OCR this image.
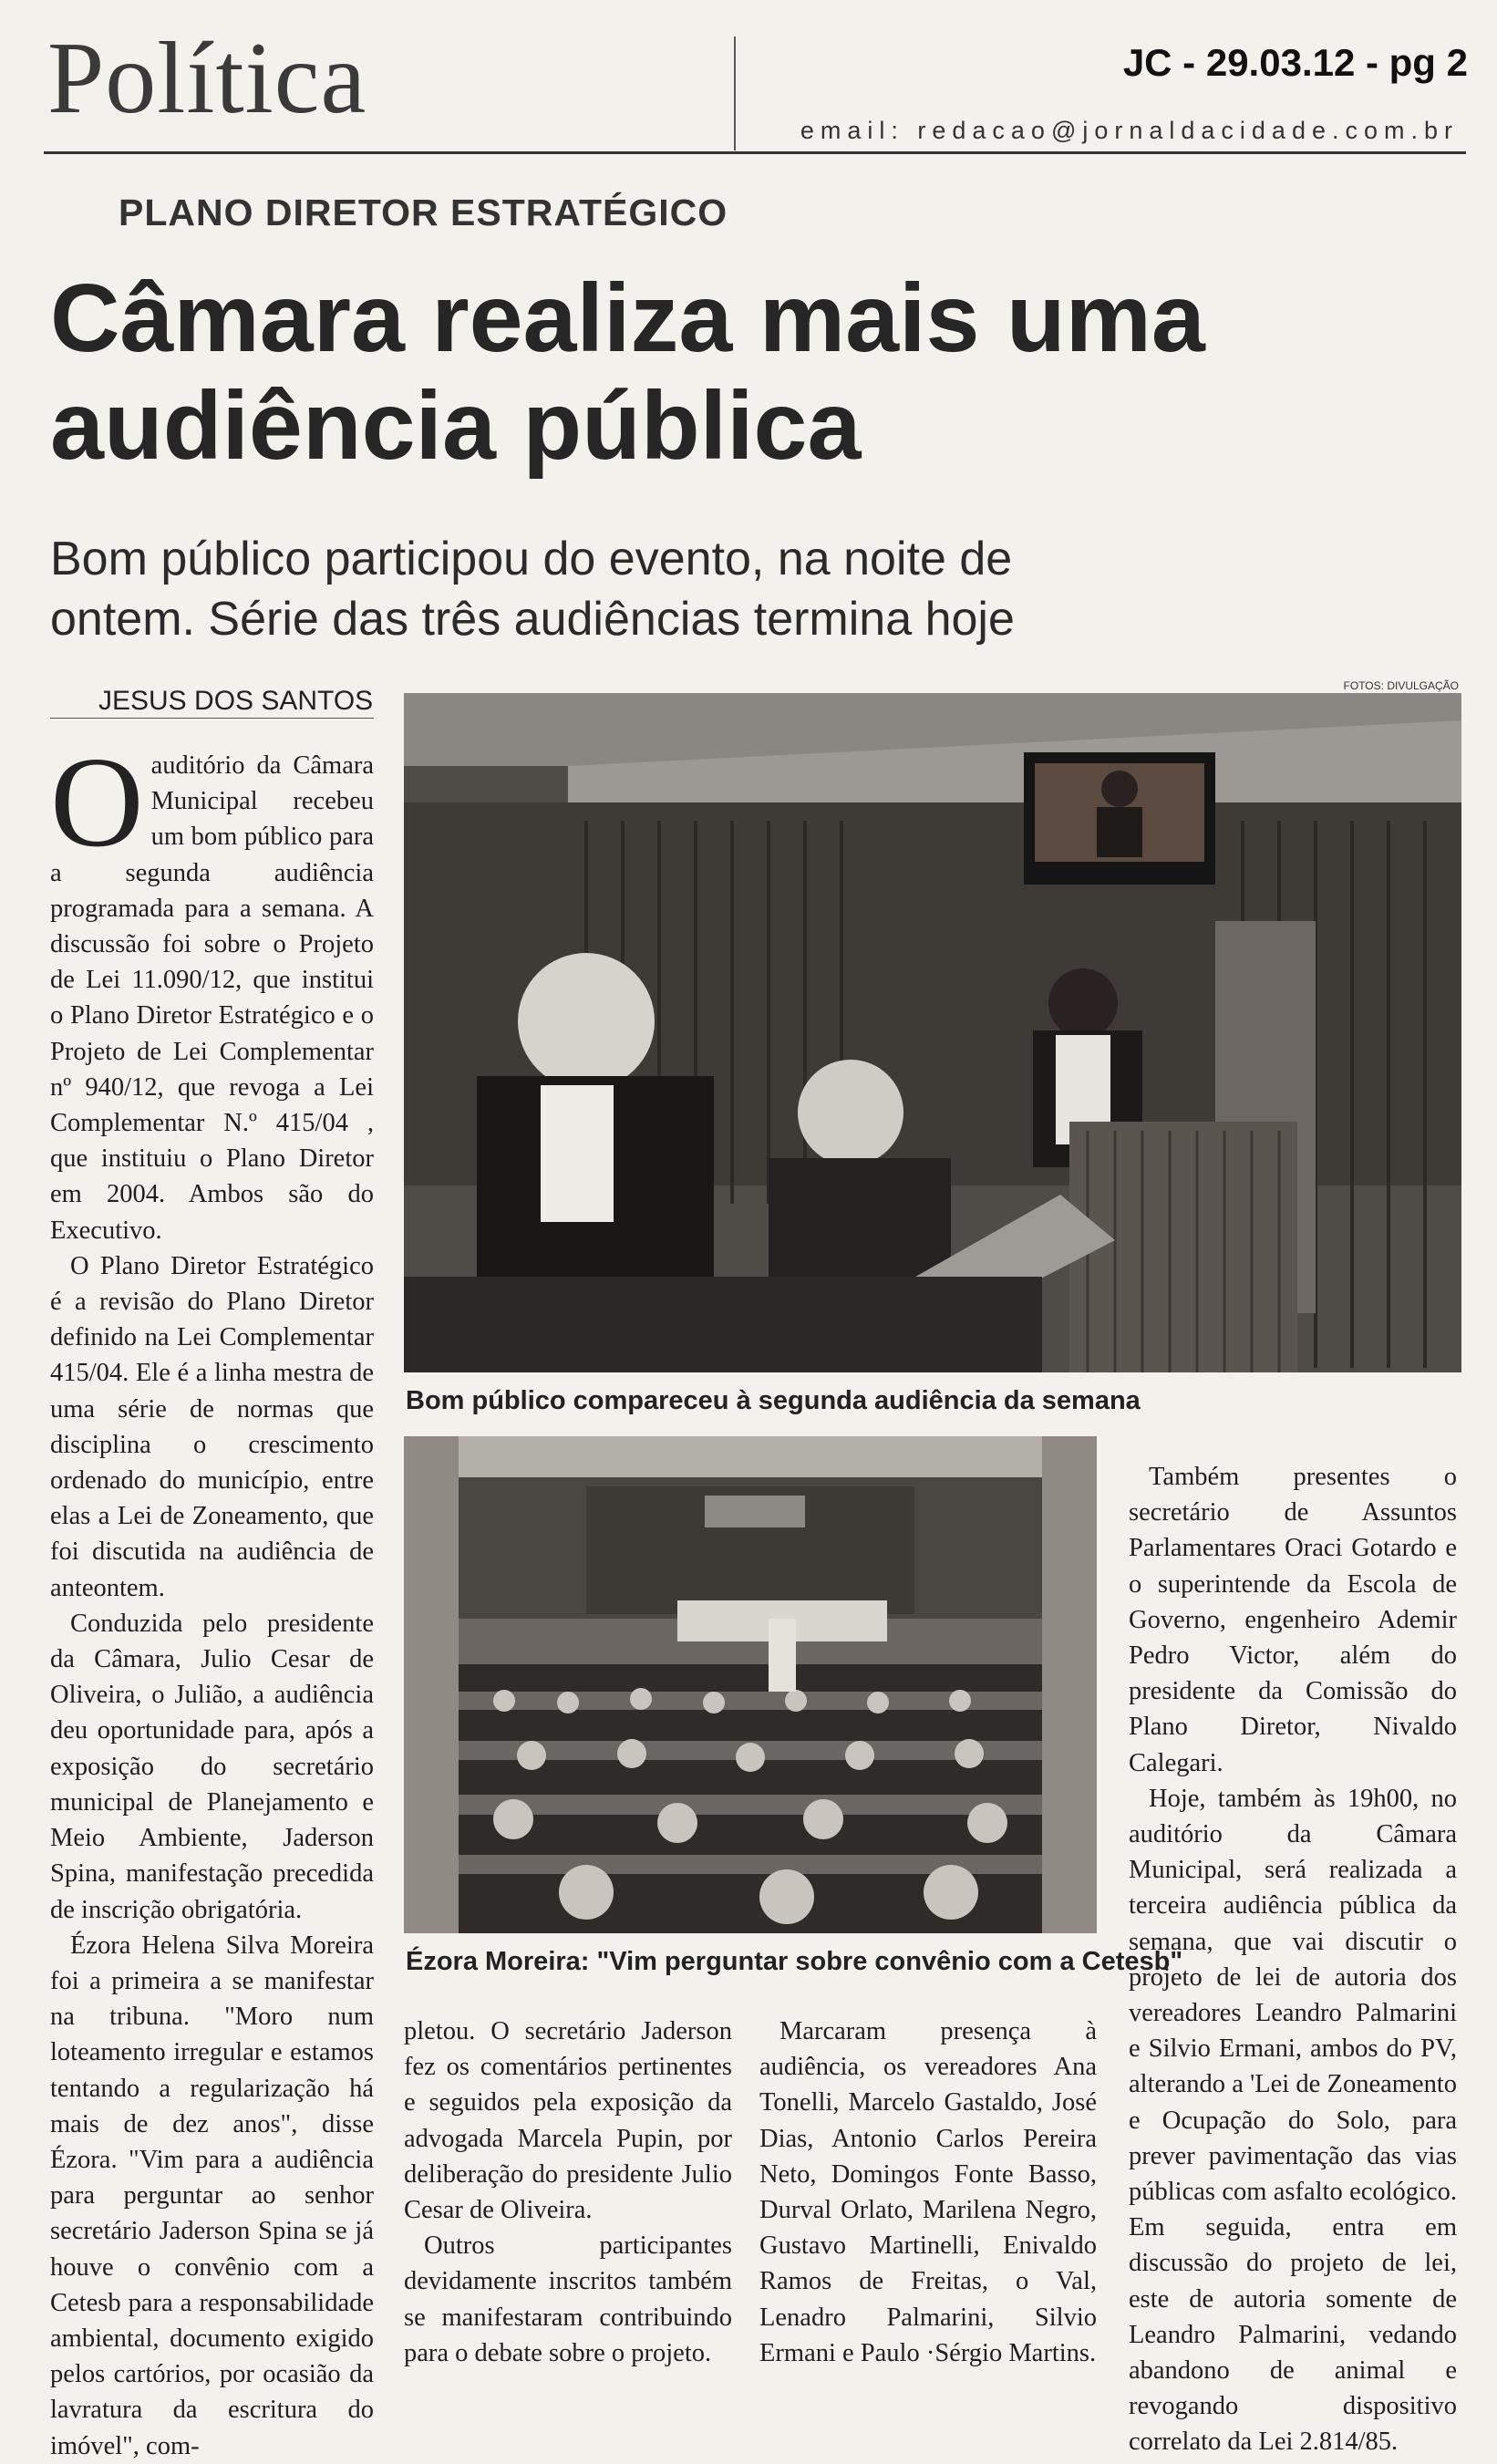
Política	JC - 29.03.12 - pg 2
email: redacao@jornaldacidade.com.br
PLANO DIRETOR ESTRATÉGICO
Câmara realiza mais uma audiência pública
Bom público participou do evento, na noite de ontem. Série das três audiências termina hoje
JESUS DOS SANTOS	FOTOS: DIVULGAÇÃO

Oauditório da Câmara Municipal recebeu um bom público para a segunda audiência programada para a semana. A discussão foi sobre o Projeto de Lei 11.090/12, que institui o Plano Diretor Estratégico e o Projeto de Lei Complementar nº 940/12, que revoga a Lei Complementar N.º 415/04 , que instituiu o Plano Diretor em 2004. Ambos são do Executivo.

O Plano Diretor Estratégico é a revisão do Plano Diretor definido na Lei Complementar 415/04. Ele é a linha mestra de uma série de normas que disciplina o crescimento ordenado do município, entre elas a Lei de Zoneamento, que foi discutida na audiência de anteontem.

Conduzida pelo presidente da Câmara, Julio Cesar de Oliveira, o Julião, a audiência deu oportunidade para, após a exposição do secretário municipal de Planejamento e Meio Ambiente, Jaderson Spina, manifestação precedida de inscrição obrigatória.

Ézora Helena Silva Moreira foi a primeira a se manifestar na tribuna. "Moro num loteamento irregular e estamos tentando a regularização há mais de dez anos", disse Ézora. "Vim para a audiência para perguntar ao senhor secretário Jaderson Spina se já houve o convênio com a Cetesb para a responsabilidade ambiental, documento exigido pelos cartórios, por ocasião da lavratura da escritura do imóvel", com-

Bom público compareceu à segunda audiência da semana
Ézora Moreira: "Vim perguntar sobre convênio com a Cetesb"

pletou. O secretário Jaderson fez os comentários pertinentes e seguidos pela exposição da advogada Marcela Pupin, por deliberação do presidente Julio Cesar de Oliveira.

Outros participantes devidamente inscritos também se manifestaram contribuindo para o debate sobre o projeto.

Marcaram presença à audiência, os vereadores Ana Tonelli, Marcelo Gastaldo, José Dias, Antonio Carlos Pereira Neto, Domingos Fonte Basso, Durval Orlato, Marilena Negro, Gustavo Martinelli, Enivaldo Ramos de Freitas, o Val, Lenadro Palmarini, Silvio Ermani e Paulo ·Sérgio Martins.

Também presentes o secretário de Assuntos Parlamentares Oraci Gotardo e o superintende da Escola de Governo, engenheiro Ademir Pedro Victor, além do presidente da Comissão do Plano Diretor, Nivaldo Calegari.

Hoje, também às 19h00, no auditório da Câmara Municipal, será realizada a terceira audiência pública da semana, que vai discutir o projeto de lei de autoria dos vereadores Leandro Palmarini e Silvio Ermani, ambos do PV, alterando a 'Lei de Zoneamento e Ocupação do Solo, para prever pavimentação das vias públicas com asfalto ecológico. Em seguida, entra em discussão do projeto de lei, este de autoria somente de Leandro Palmarini, vedando abandono de animal e revogando dispositivo correlato da Lei 2.814/85.
